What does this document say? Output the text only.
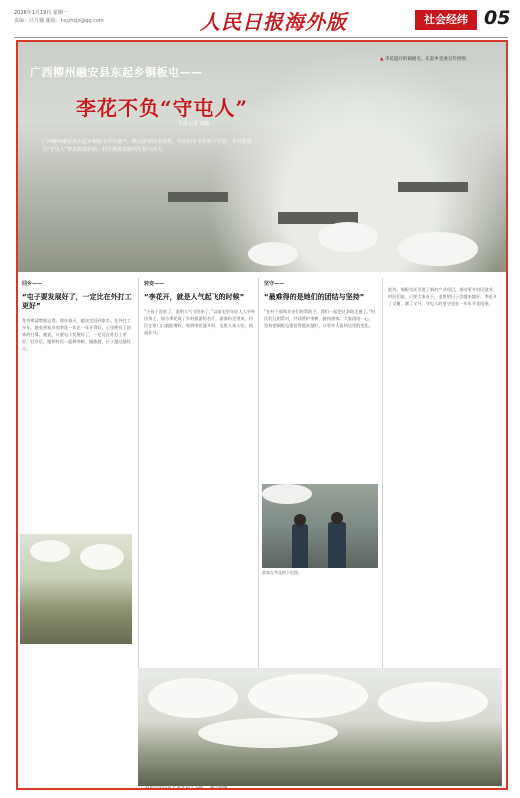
2026年1月19日 星期一
责编：吕凡楠 邮箱：hsjzhsjz@qq.com	人民日报海外版	社会经纬 05
广西柳州融安县东起乡铜板屯——
李花不负“守屯人”
本报记者 刘毅

广西柳州融安县东起乡铜板屯李花盛开，吸引游客前来观赏。村民们在李花树下忙碌，乡村旅游为“守屯人”带来致富新路，村庄焕发出新的生机与活力。

▲ 李花盛开的铜板屯。东起乡党委宣传供图
回乡——
“屯子要发展好了，一定比在外打工更好”

龙寿琪清楚地记得，那年春天，她决定回到家乡。在外打工多年，她看到家乡的李花一年比一年开得好，心里便有了回来的打算。她说，只要屯子发展好了，一定比在外打工更好。回乡后，她和村民一起种李树、搞旅游，日子越过越红火。

转变——
“李花开，就是人气起飞的时候”

“小孩子回来了，说明人气又回来了。”以前屯里年轻人大多外出务工，如今李花成了乡村旅游的名片，游客纷至沓来，村民在家门口就能增收。每到李花盛开时，屯里人来人往，热闹非凡。

坚守——
“最难得的是她们的团结与坚持”

“在村干部和乡亲们的帮助下，我们一起把这条路走通了。”村民们互相帮衬，共同管护李树、接待游客。大家团结一心，坚持把铜板屯建设得越来越好，让更多人看到这里的变化。

此外，铜板屯还引进了新的产业项目，带动更多村民就业。村民们说，只要大家肯干，屯里的日子会越来越好。李花开了又谢，谢了又开，守屯人的坚守也在一年年开花结果。

游客在李花树下拍照。
▲ 铜板屯的村民在李花树下合影。 龚宗辉摄
